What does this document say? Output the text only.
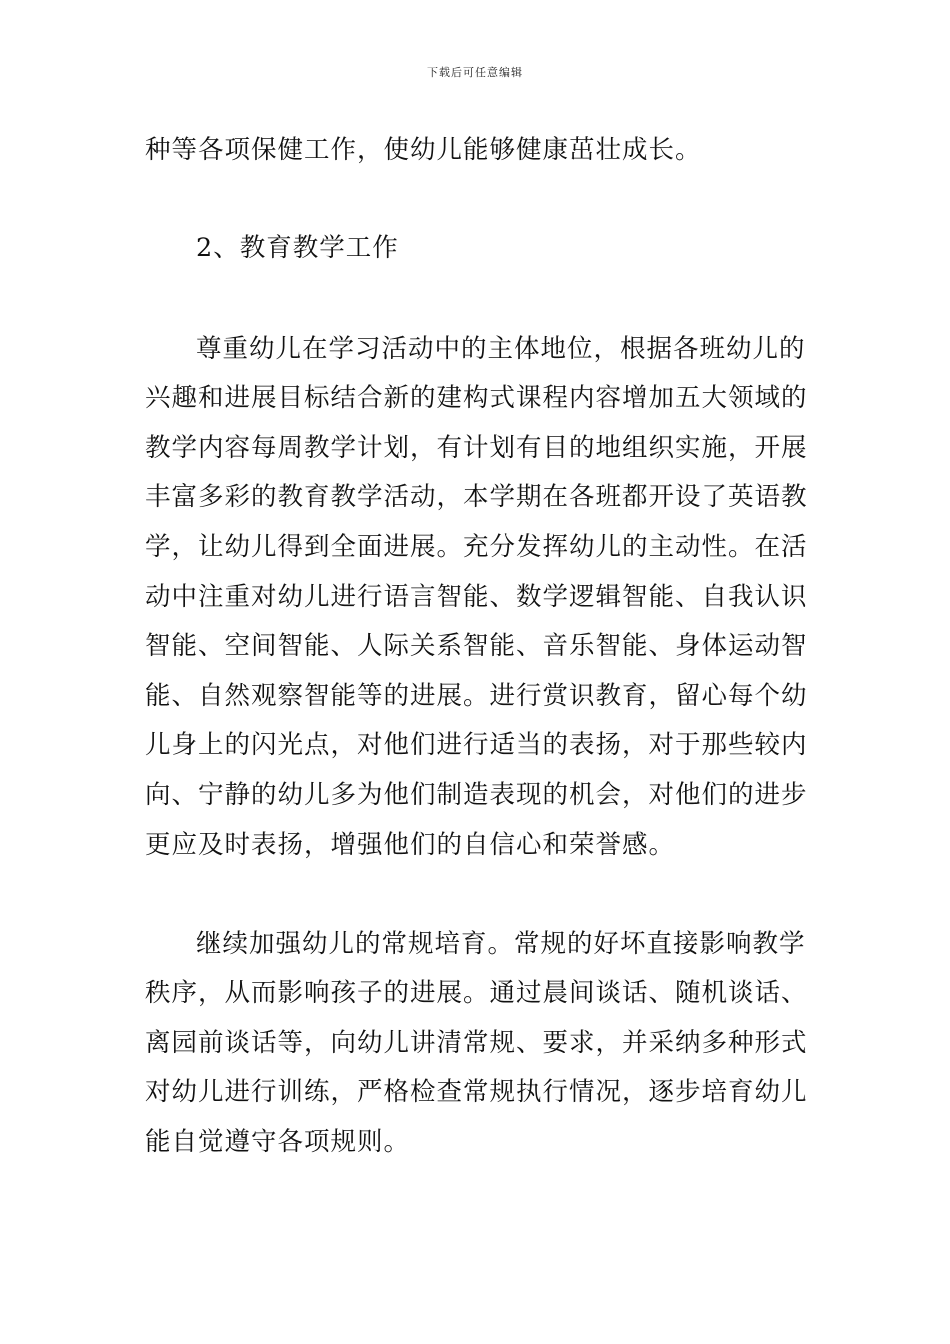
下载后可任意编辑
种等各项保健工作，使幼儿能够健康茁壮成长。
2、教育教学工作
尊重幼儿在学习活动中的主体地位，根据各班幼儿的
兴趣和进展目标结合新的建构式课程内容增加五大领域的
教学内容每周教学计划，有计划有目的地组织实施，开展
丰富多彩的教育教学活动，本学期在各班都开设了英语教
学，让幼儿得到全面进展。充分发挥幼儿的主动性。在活
动中注重对幼儿进行语言智能、数学逻辑智能、自我认识
智能、空间智能、人际关系智能、音乐智能、身体运动智
能、自然观察智能等的进展。进行赏识教育，留心每个幼
儿身上的闪光点，对他们进行适当的表扬，对于那些较内
向、宁静的幼儿多为他们制造表现的机会，对他们的进步
更应及时表扬，增强他们的自信心和荣誉感。
继续加强幼儿的常规培育。常规的好坏直接影响教学
秩序，从而影响孩子的进展。通过晨间谈话、随机谈话、
离园前谈话等，向幼儿讲清常规、要求，并采纳多种形式
对幼儿进行训练，严格检查常规执行情况，逐步培育幼儿
能自觉遵守各项规则。
